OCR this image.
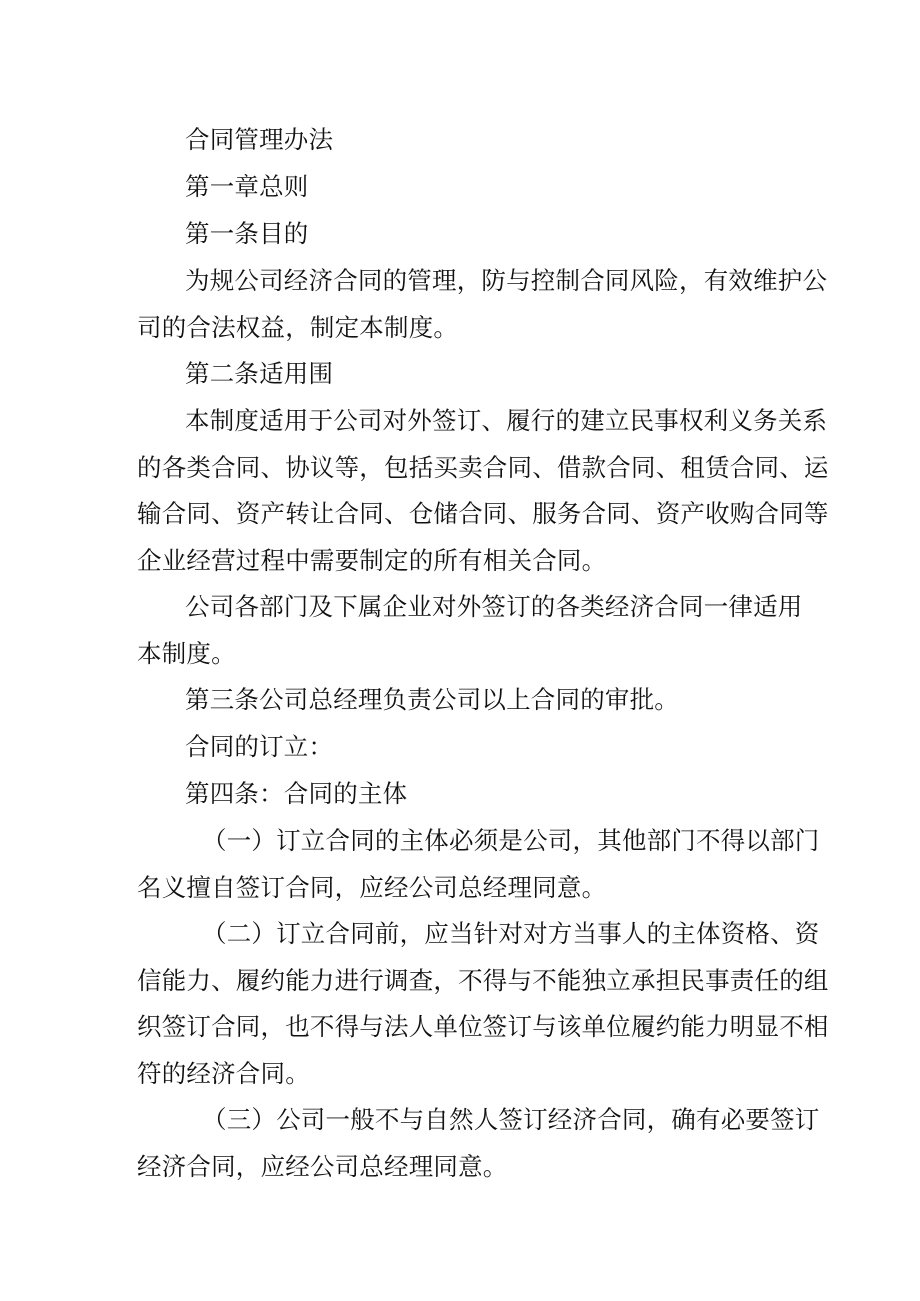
合同管理办法
第一章总则
第一条目的
为规公司经济合同的管理，防与控制合同风险，有效维护公
司的合法权益，制定本制度。
第二条适用围
本制度适用于公司对外签订、履行的建立民事权利义务关系
的各类合同、协议等，包括买卖合同、借款合同、租赁合同、运
输合同、资产转让合同、仓储合同、服务合同、资产收购合同等
企业经营过程中需要制定的所有相关合同。
公司各部门及下属企业对外签订的各类经济合同一律适用
本制度。
第三条公司总经理负责公司以上合同的审批。
合同的订立：
第四条：合同的主体
（一）订立合同的主体必须是公司，其他部门不得以部门
名义擅自签订合同，应经公司总经理同意。
（二）订立合同前，应当针对对方当事人的主体资格、资
信能力、履约能力进行调查，不得与不能独立承担民事责任的组
织签订合同，也不得与法人单位签订与该单位履约能力明显不相
符的经济合同。
（三）公司一般不与自然人签订经济合同，确有必要签订
经济合同，应经公司总经理同意。
